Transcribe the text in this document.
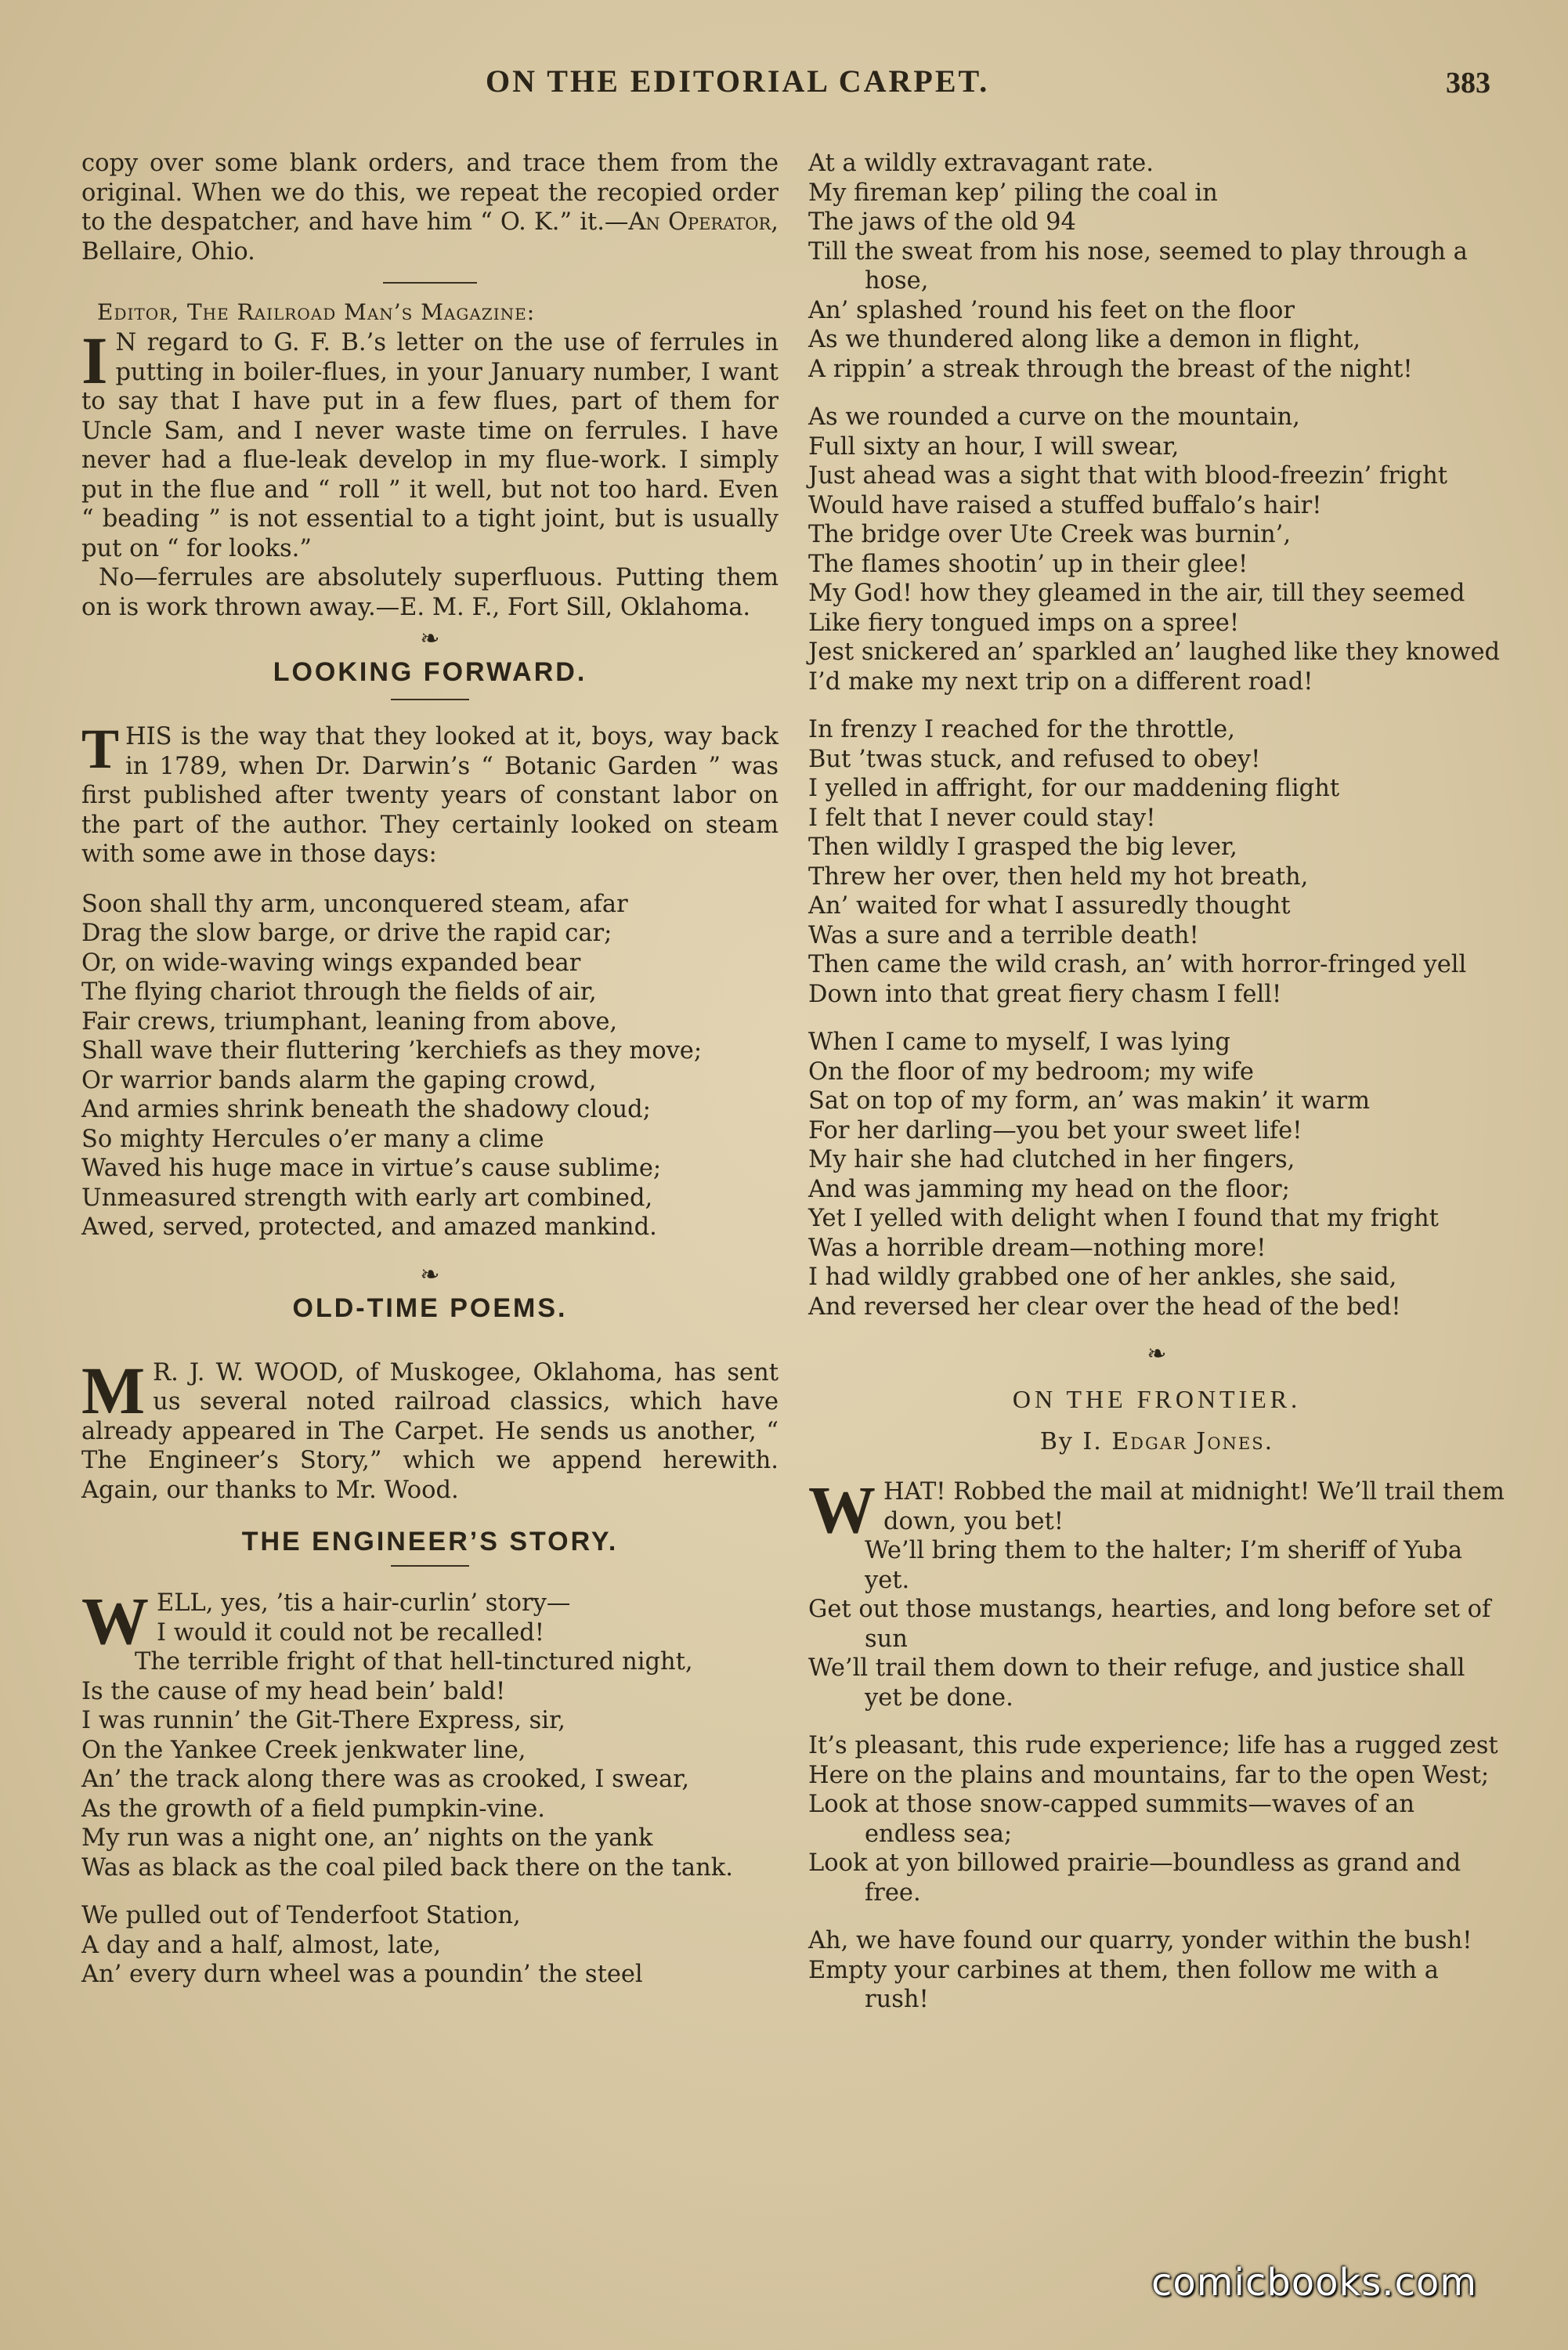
ON THE EDITORIAL CARPET.	383

copy over some blank orders, and trace them from the original. When we do this, we repeat the recopied order to the despatcher, and have him “ O. K.” it.—An Operator, Bellaire, Ohio.

Editor, The Railroad Man’s Magazine:

I N regard to G. F. B.’s letter on the use of ferrules in putting in boiler-flues, in your January number, I want to say that I have put in a few flues, part of them for Uncle Sam, and I never waste time on ferrules. I have never had a flue-leak develop in my flue-work. I simply put in the flue and “ roll ” it well, but not too hard. Even “ beading ” is not essential to a tight joint, but is usually put on “ for looks.”

No—ferrules are absolutely superfluous. Putting them on is work thrown away.—E. M. F., Fort Sill, Oklahoma.

❧
LOOKING FORWARD.
T HIS is the way that they looked at it, boys, way back in 1789, when Dr. Darwin’s “ Botanic Garden ” was first published after twenty years of constant labor on the part of the author. They certainly looked on steam with some awe in those days:

Soon shall thy arm, unconquered steam, afar

Drag the slow barge, or drive the rapid car;

Or, on wide-waving wings expanded bear

The flying chariot through the fields of air,

Fair crews, triumphant, leaning from above,

Shall wave their fluttering ’kerchiefs as they move;

Or warrior bands alarm the gaping crowd,

And armies shrink beneath the shadowy cloud;

So mighty Hercules o’er many a clime

Waved his huge mace in virtue’s cause sublime;

Unmeasured strength with early art combined,

Awed, served, protected, and amazed mankind.

❧
OLD-TIME POEMS.
M R. J. W. WOOD, of Muskogee, Oklahoma, has sent us several noted railroad classics, which have already appeared in The Carpet. He sends us another, “ The Engineer’s Story,” which we append herewith. Again, our thanks to Mr. Wood.

THE ENGINEER’S STORY.
W ELL, yes, ’tis a hair-curlin’ story—

I would it could not be recalled!

The terrible fright of that hell-tinctured night,

Is the cause of my head bein’ bald!

I was runnin’ the Git-There Express, sir,

On the Yankee Creek jenkwater line,

An’ the track along there was as crooked, I swear,

As the growth of a field pumpkin-vine.

My run was a night one, an’ nights on the yank

Was as black as the coal piled back there on the tank.

We pulled out of Tenderfoot Station,

A day and a half, almost, late,

An’ every durn wheel was a poundin’ the steel

At a wildly extravagant rate.

My fireman kep’ piling the coal in

The jaws of the old 94

Till the sweat from his nose, seemed to play through a hose,

An’ splashed ’round his feet on the floor

As we thundered along like a demon in flight,

A rippin’ a streak through the breast of the night!

As we rounded a curve on the mountain,

Full sixty an hour, I will swear,

Just ahead was a sight that with blood-freezin’ fright

Would have raised a stuffed buffalo’s hair!

The bridge over Ute Creek was burnin’,

The flames shootin’ up in their glee!

My God! how they gleamed in the air, till they seemed

Like fiery tongued imps on a spree!

Jest snickered an’ sparkled an’ laughed like they knowed

I’d make my next trip on a different road!

In frenzy I reached for the throttle,

But ’twas stuck, and refused to obey!

I yelled in affright, for our maddening flight

I felt that I never could stay!

Then wildly I grasped the big lever,

Threw her over, then held my hot breath,

An’ waited for what I assuredly thought

Was a sure and a terrible death!

Then came the wild crash, an’ with horror-fringed yell

Down into that great fiery chasm I fell!

When I came to myself, I was lying

On the floor of my bedroom; my wife

Sat on top of my form, an’ was makin’ it warm

For her darling—you bet your sweet life!

My hair she had clutched in her fingers,

And was jamming my head on the floor;

Yet I yelled with delight when I found that my fright

Was a horrible dream—nothing more!

I had wildly grabbed one of her ankles, she said,

And reversed her clear over the head of the bed!

❧
ON THE FRONTIER.
By I. Edgar Jones.
W HAT! Robbed the mail at midnight! We’ll trail them down, you bet!

We’ll bring them to the halter; I’m sheriff of Yuba yet.

Get out those mustangs, hearties, and long before set of sun

We’ll trail them down to their refuge, and justice shall yet be done.

It’s pleasant, this rude experience; life has a rugged zest

Here on the plains and mountains, far to the open West;

Look at those snow-capped summits—waves of an endless sea;

Look at yon billowed prairie—boundless as grand and free.

Ah, we have found our quarry, yonder within the bush!

Empty your carbines at them, then follow me with a rush!

comicbooks.com
